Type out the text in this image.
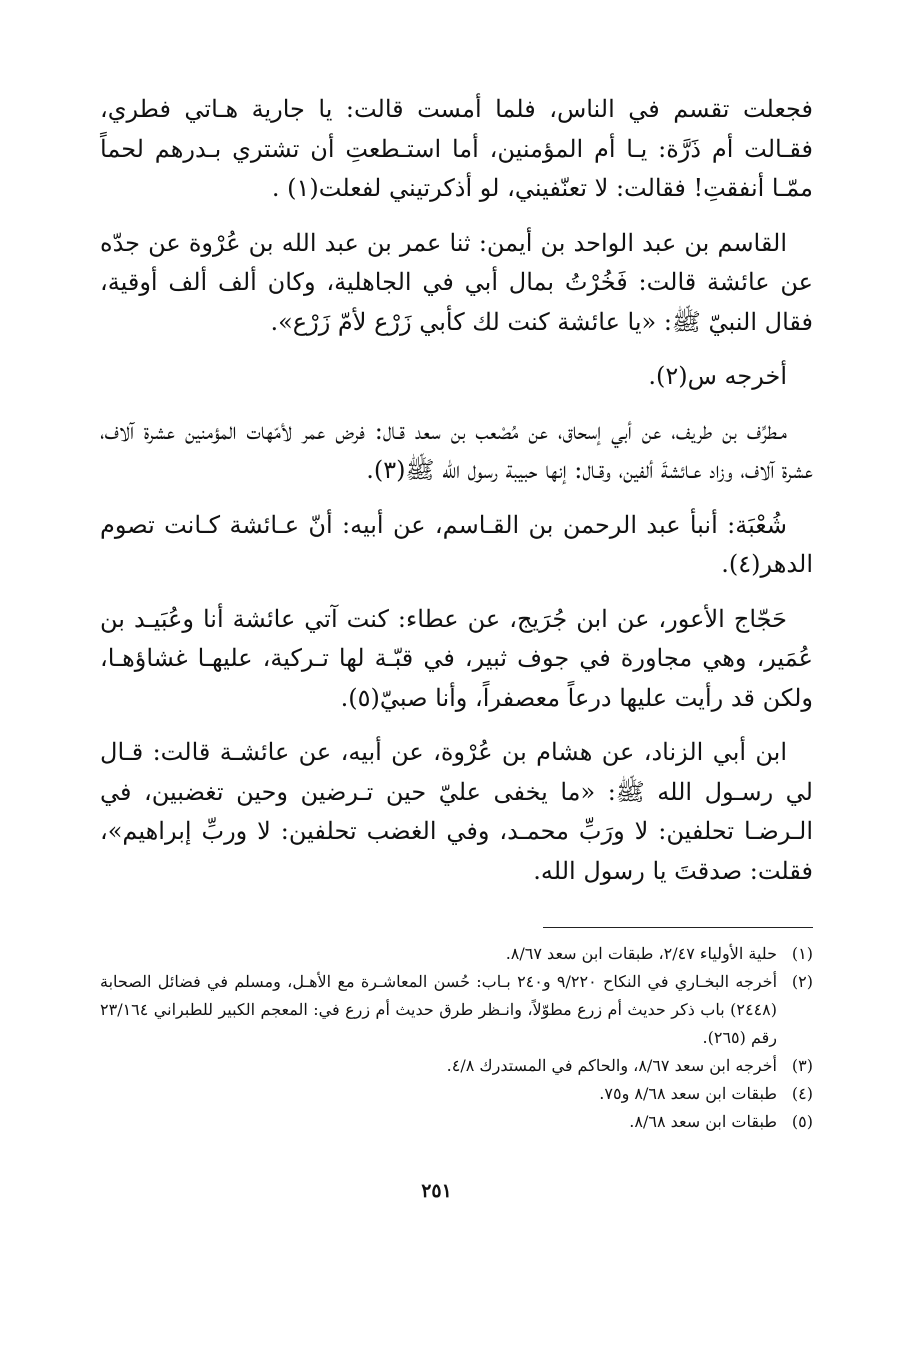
فجعلت تقسم في الناس، فلما أمست قالت: يا جارية هـاتي فطري، فقـالت أم ذَرَّة: يـا أم المؤمنين، أما استـطعتِ أن تشتري بـدرهم لحماً ممّـا أنفقتِ! فقالت: لا تعنّفيني، لو أذكرتيني لفعلت(١) .

القاسم بن عبد الواحد بن أيمن: ثنا عمر بن عبد الله بن عُرْوة عن جدّه عن عائشة قالت: فَخُرْتُ بمال أبي في الجاهلية، وكان ألف ألف أوقية، فقال النبيّ ﷺ: «يا عائشة كنت لك كأبي زَرْع لأمّ زَرْع».

أخرجه س(٢).

مـطرِّف بن طريف، عن أبي إسحاق، عن مُصْعب بن سعد قـال: فرض عمر لأمّهات المؤمنين عشرة آلاف، عشرة آلاف، وزاد عـائشةَ ألفين، وقـال: إنها حبيبة رسول الله ﷺ(٣).

شُعْبَة: أنبأ عبد الرحمن بن القـاسم، عن أبيه: أنّ عـائشة كـانت تصوم الدهر(٤).

حَجّاج الأعور، عن ابن جُرَيج، عن عطاء: كنت آتي عائشة أنا وعُبَيـد بن عُمَير، وهي مجاورة في جوف ثبير، في قبّـة لها تـركية، عليهـا غشاؤهـا، ولكن قد رأيت عليها درعاً معصفراً، وأنا صبيّ(٥).

ابن أبي الزناد، عن هشام بن عُرْوة، عن أبيه، عن عائشـة قالت: قـال لي رسـول الله ﷺ: «ما يخفى عليّ حين تـرضين وحين تغضبين، في الـرضـا تحلفين: لا ورَبِّ محمـد، وفي الغضب تحلفين: لا وربِّ إبراهيم»، فقلت: صدقتَ يا رسول الله.

(١)
حلية الأولياء ٢/٤٧، طبقات ابن سعد ٨/٦٧.
(٢)
أخرجه البخـاري في النكاح ٩/٢٢٠ و٢٤٠ بـاب: حُسن المعاشـرة مع الأهـل، ومسلم في فضائل الصحابة (٢٤٤٨) باب ذكر حديث أم زرع مطوّلاً، وانـظر طرق حديث أم زرع في: المعجم الكبير للطبراني ٢٣/١٦٤ رقم (٢٦٥).
(٣)
أخرجه ابن سعد ٨/٦٧، والحاكم في المستدرك ٤/٨.
(٤)
طبقات ابن سعد ٨/٦٨ و٧٥.
(٥)
طبقات ابن سعد ٨/٦٨.
٢٥١
